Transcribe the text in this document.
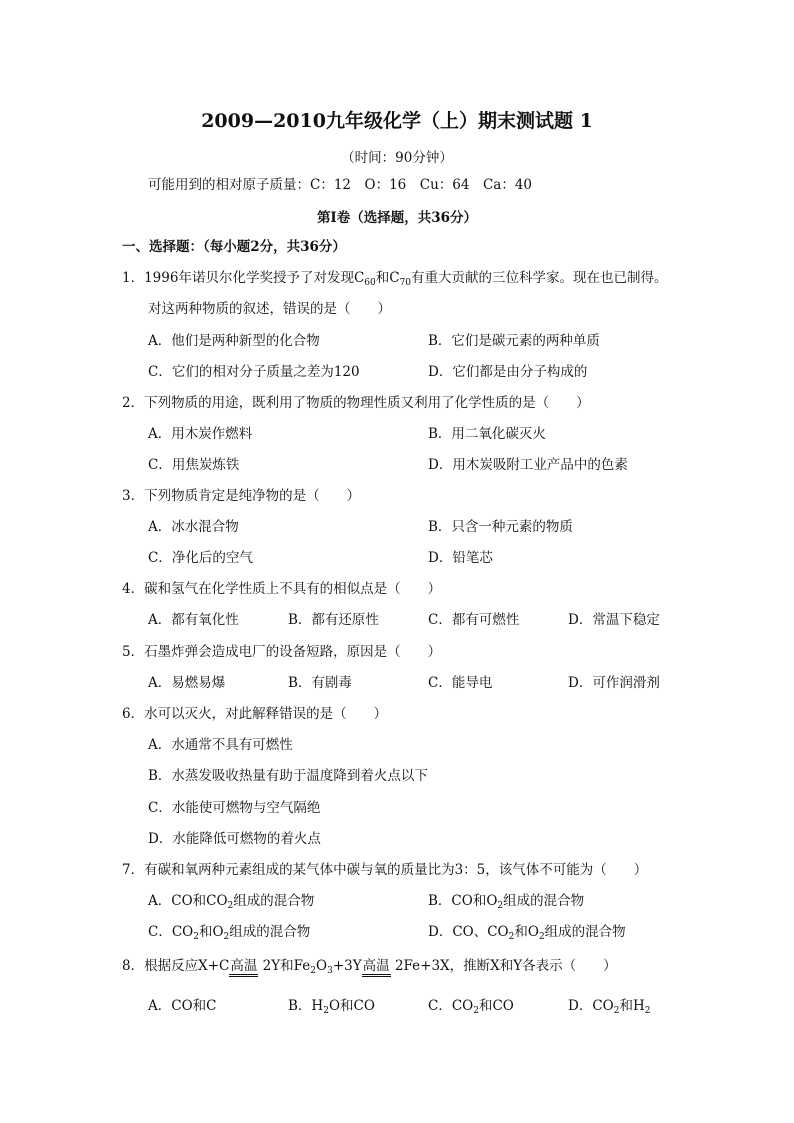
2009—2010九年级化学（上）期末测试题 1
（时间：90分钟）
可能用到的相对原子质量：C：12　O：16　Cu：64　Ca：40
第Ⅰ卷（选择题，共36分）
一、选择题：（每小题2分，共36分）
1．1996年诺贝尔化学奖授予了对发现$C_{60}$和$C_{70}$有重大贡献的三位科学家。现在也已制得。
对这两种物质的叙述，错误的是（　　）
A．他们是两种新型的化合物	B．它们是碳元素的两种单质
C．它们的相对分子质量之差为120	D．它们都是由分子构成的
2．下列物质的用途，既利用了物质的物理性质又利用了化学性质的是（　　）
A．用木炭作燃料	B．用二氧化碳灭火
C．用焦炭炼铁	D．用木炭吸附工业产品中的色素
3．下列物质肯定是纯净物的是（　　）
A．冰水混合物	B．只含一种元素的物质
C．净化后的空气	D．铅笔芯
4．碳和氢气在化学性质上不具有的相似点是（　　）
A．都有氧化性	B．都有还原性	C．都有可燃性	D．常温下稳定
5．石墨炸弹会造成电厂的设备短路，原因是（　　）
A．易燃易爆	B．有剧毒	C．能导电	D．可作润滑剂
6．水可以灭火，对此解释错误的是（　　）
A．水通常不具有可燃性
B．水蒸发吸收热量有助于温度降到着火点以下
C．水能使可燃物与空气隔绝
D．水能降低可燃物的着火点
7．有碳和氧两种元素组成的某气体中碳与氧的质量比为3：5，该气体不可能为（　　）
A．CO和$CO_2$组成的混合物	B．CO和$O_2$组成的混合物
C．$CO_2$和$O_2$组成的混合物	D．CO、$CO_2$和$O_2$组成的混合物
8．根据反应X+C高温 2Y和$Fe_2O_3+3Y$高温 2Fe+3X，推断X和Y各表示（　　）
A．CO和C	B．$H_2O$和CO	C．$CO_2$和CO	D．$CO_2$和$H_2$
